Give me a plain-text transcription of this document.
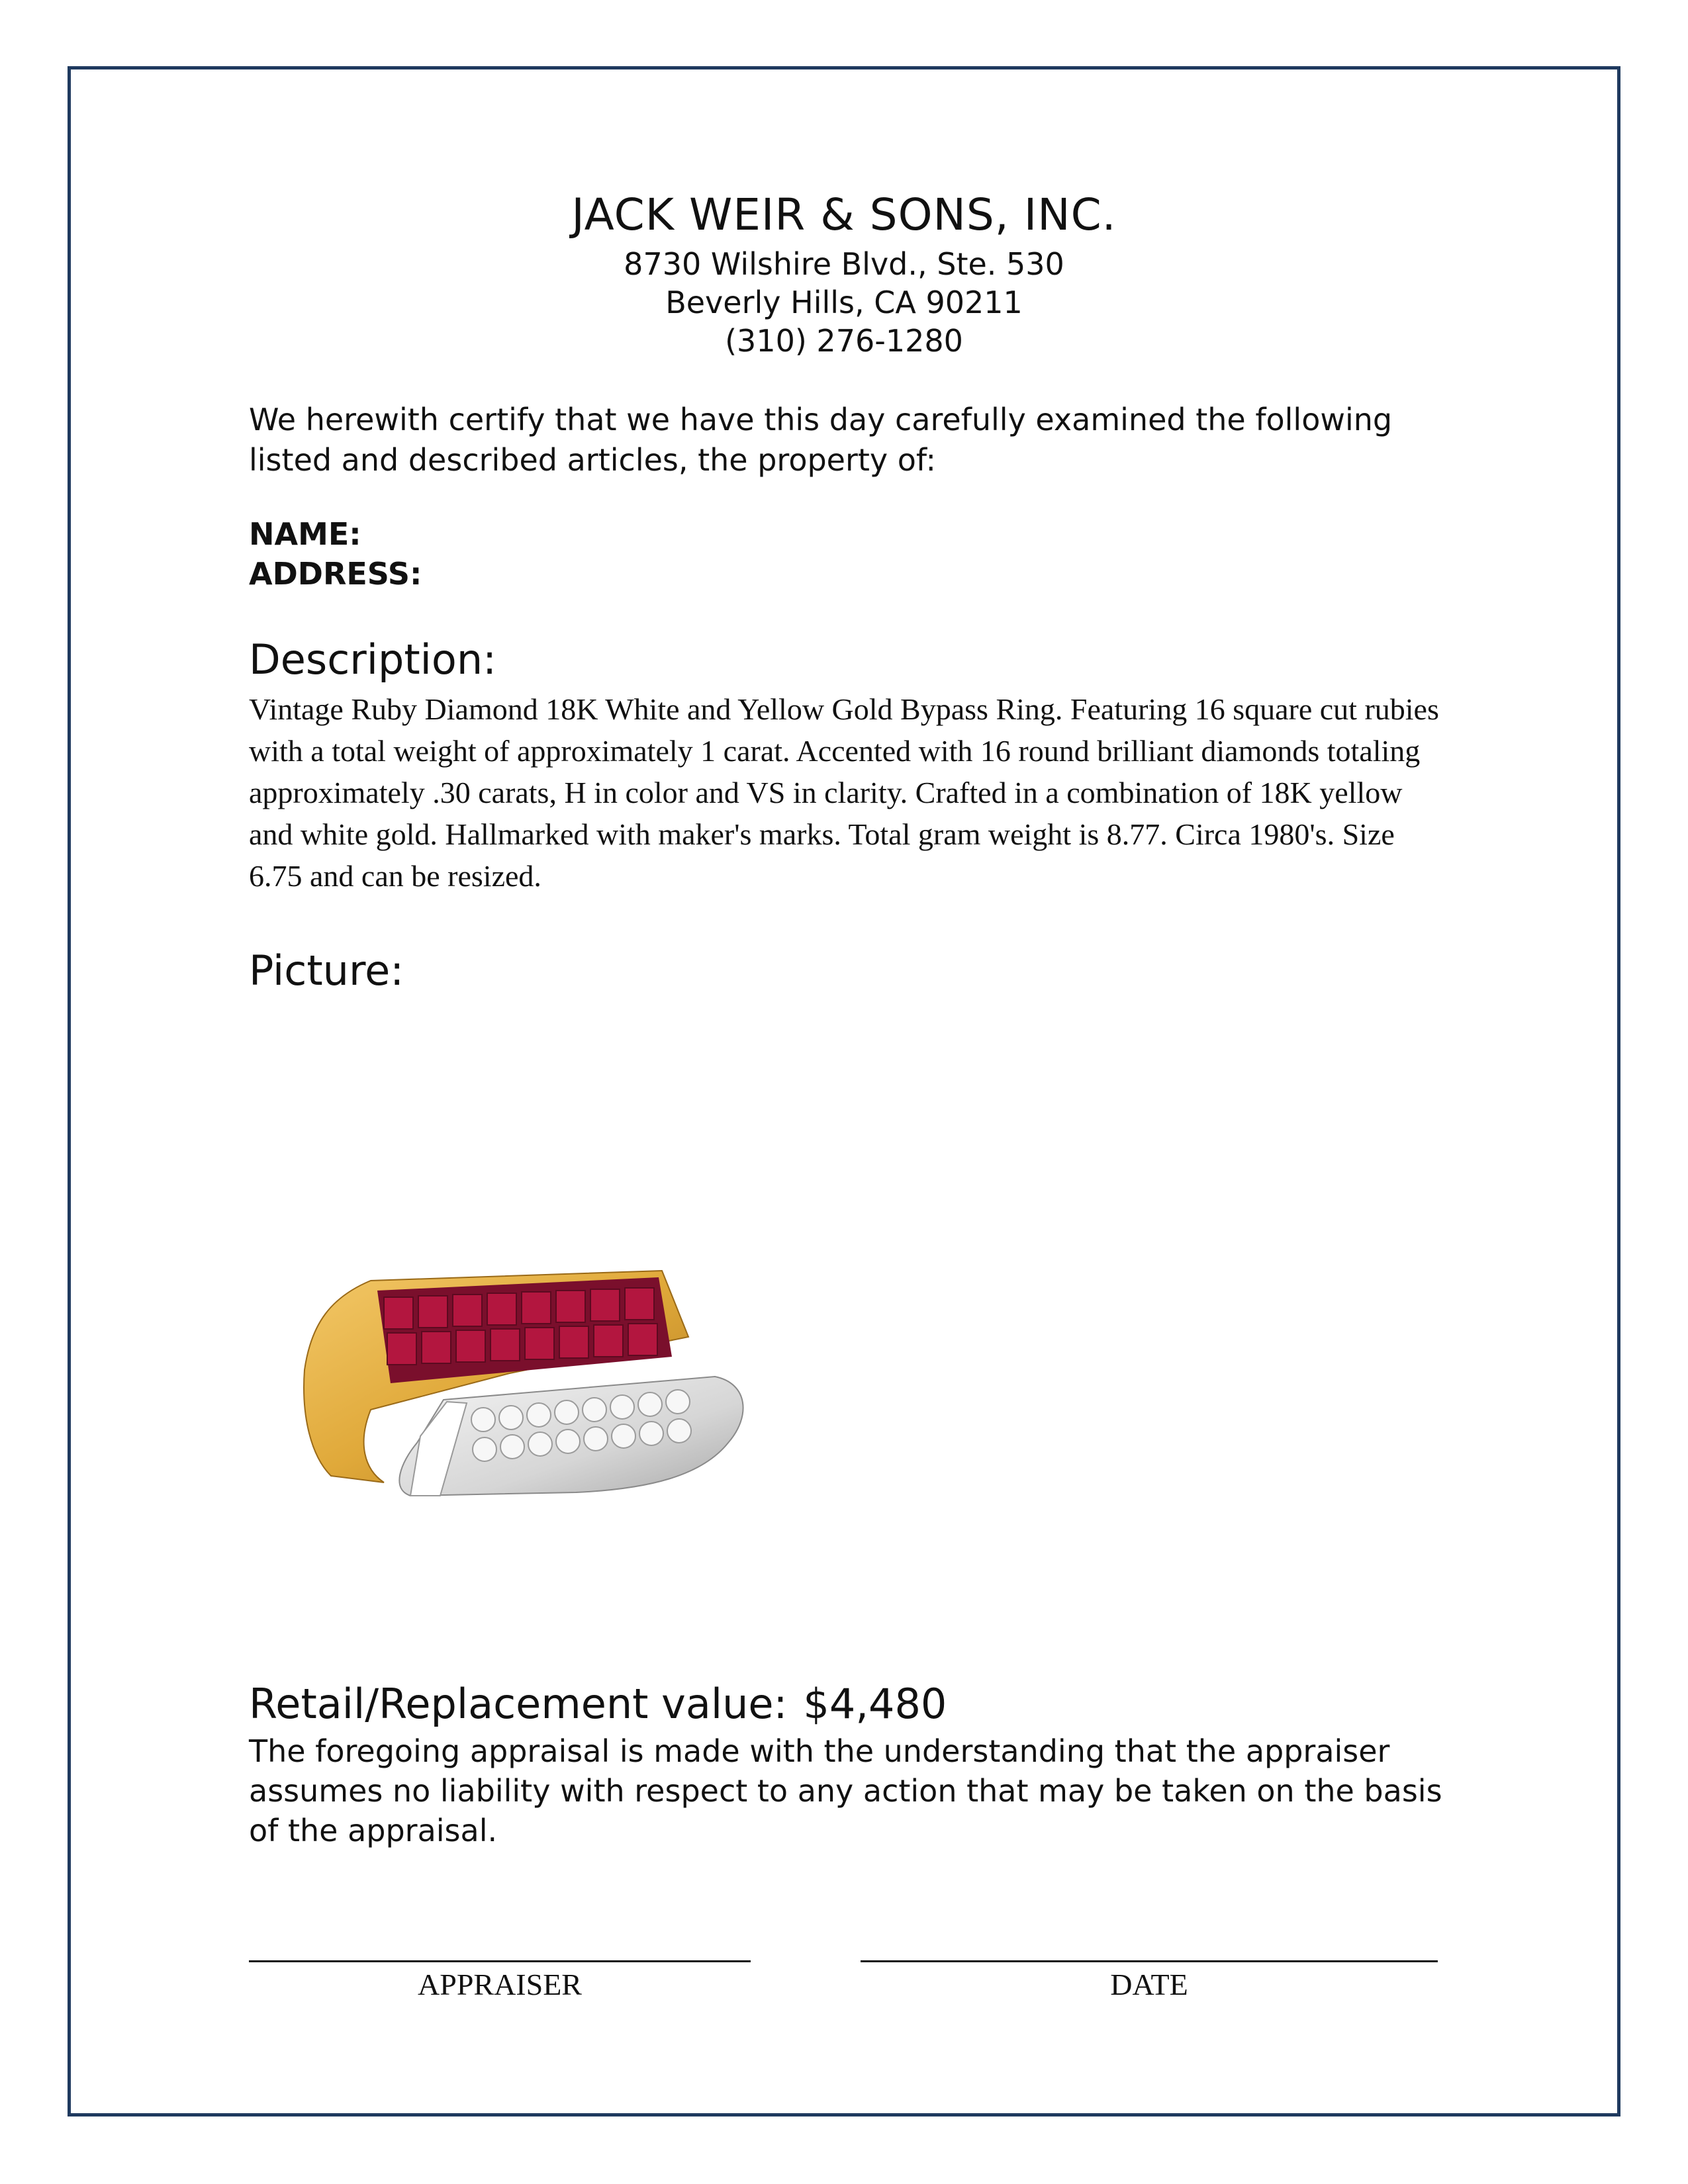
JACK WEIR & SONS, INC.
8730 Wilshire Blvd., Ste. 530
Beverly Hills, CA 90211
(310) 276-1280
We herewith certify that we have this day carefully examined the following listed and described articles, the property of:
NAME:
ADDRESS:
Description:
Vintage Ruby Diamond 18K White and Yellow Gold Bypass Ring. Featuring 16 square cut rubies with a total weight of approximately 1 carat. Accented with 16 round brilliant diamonds totaling approximately .30 carats, H in color and VS in clarity. Crafted in a combination of 18K yellow and white gold. Hallmarked with maker's marks. Total gram weight is 8.77. Circa 1980's. Size 6.75 and can be resized.
Picture:
Retail/Replacement value: $4,480
The foregoing appraisal is made with the understanding that the appraiser assumes no liability with respect to any action that may be taken on the basis of the appraisal.
APPRAISER	DATE
